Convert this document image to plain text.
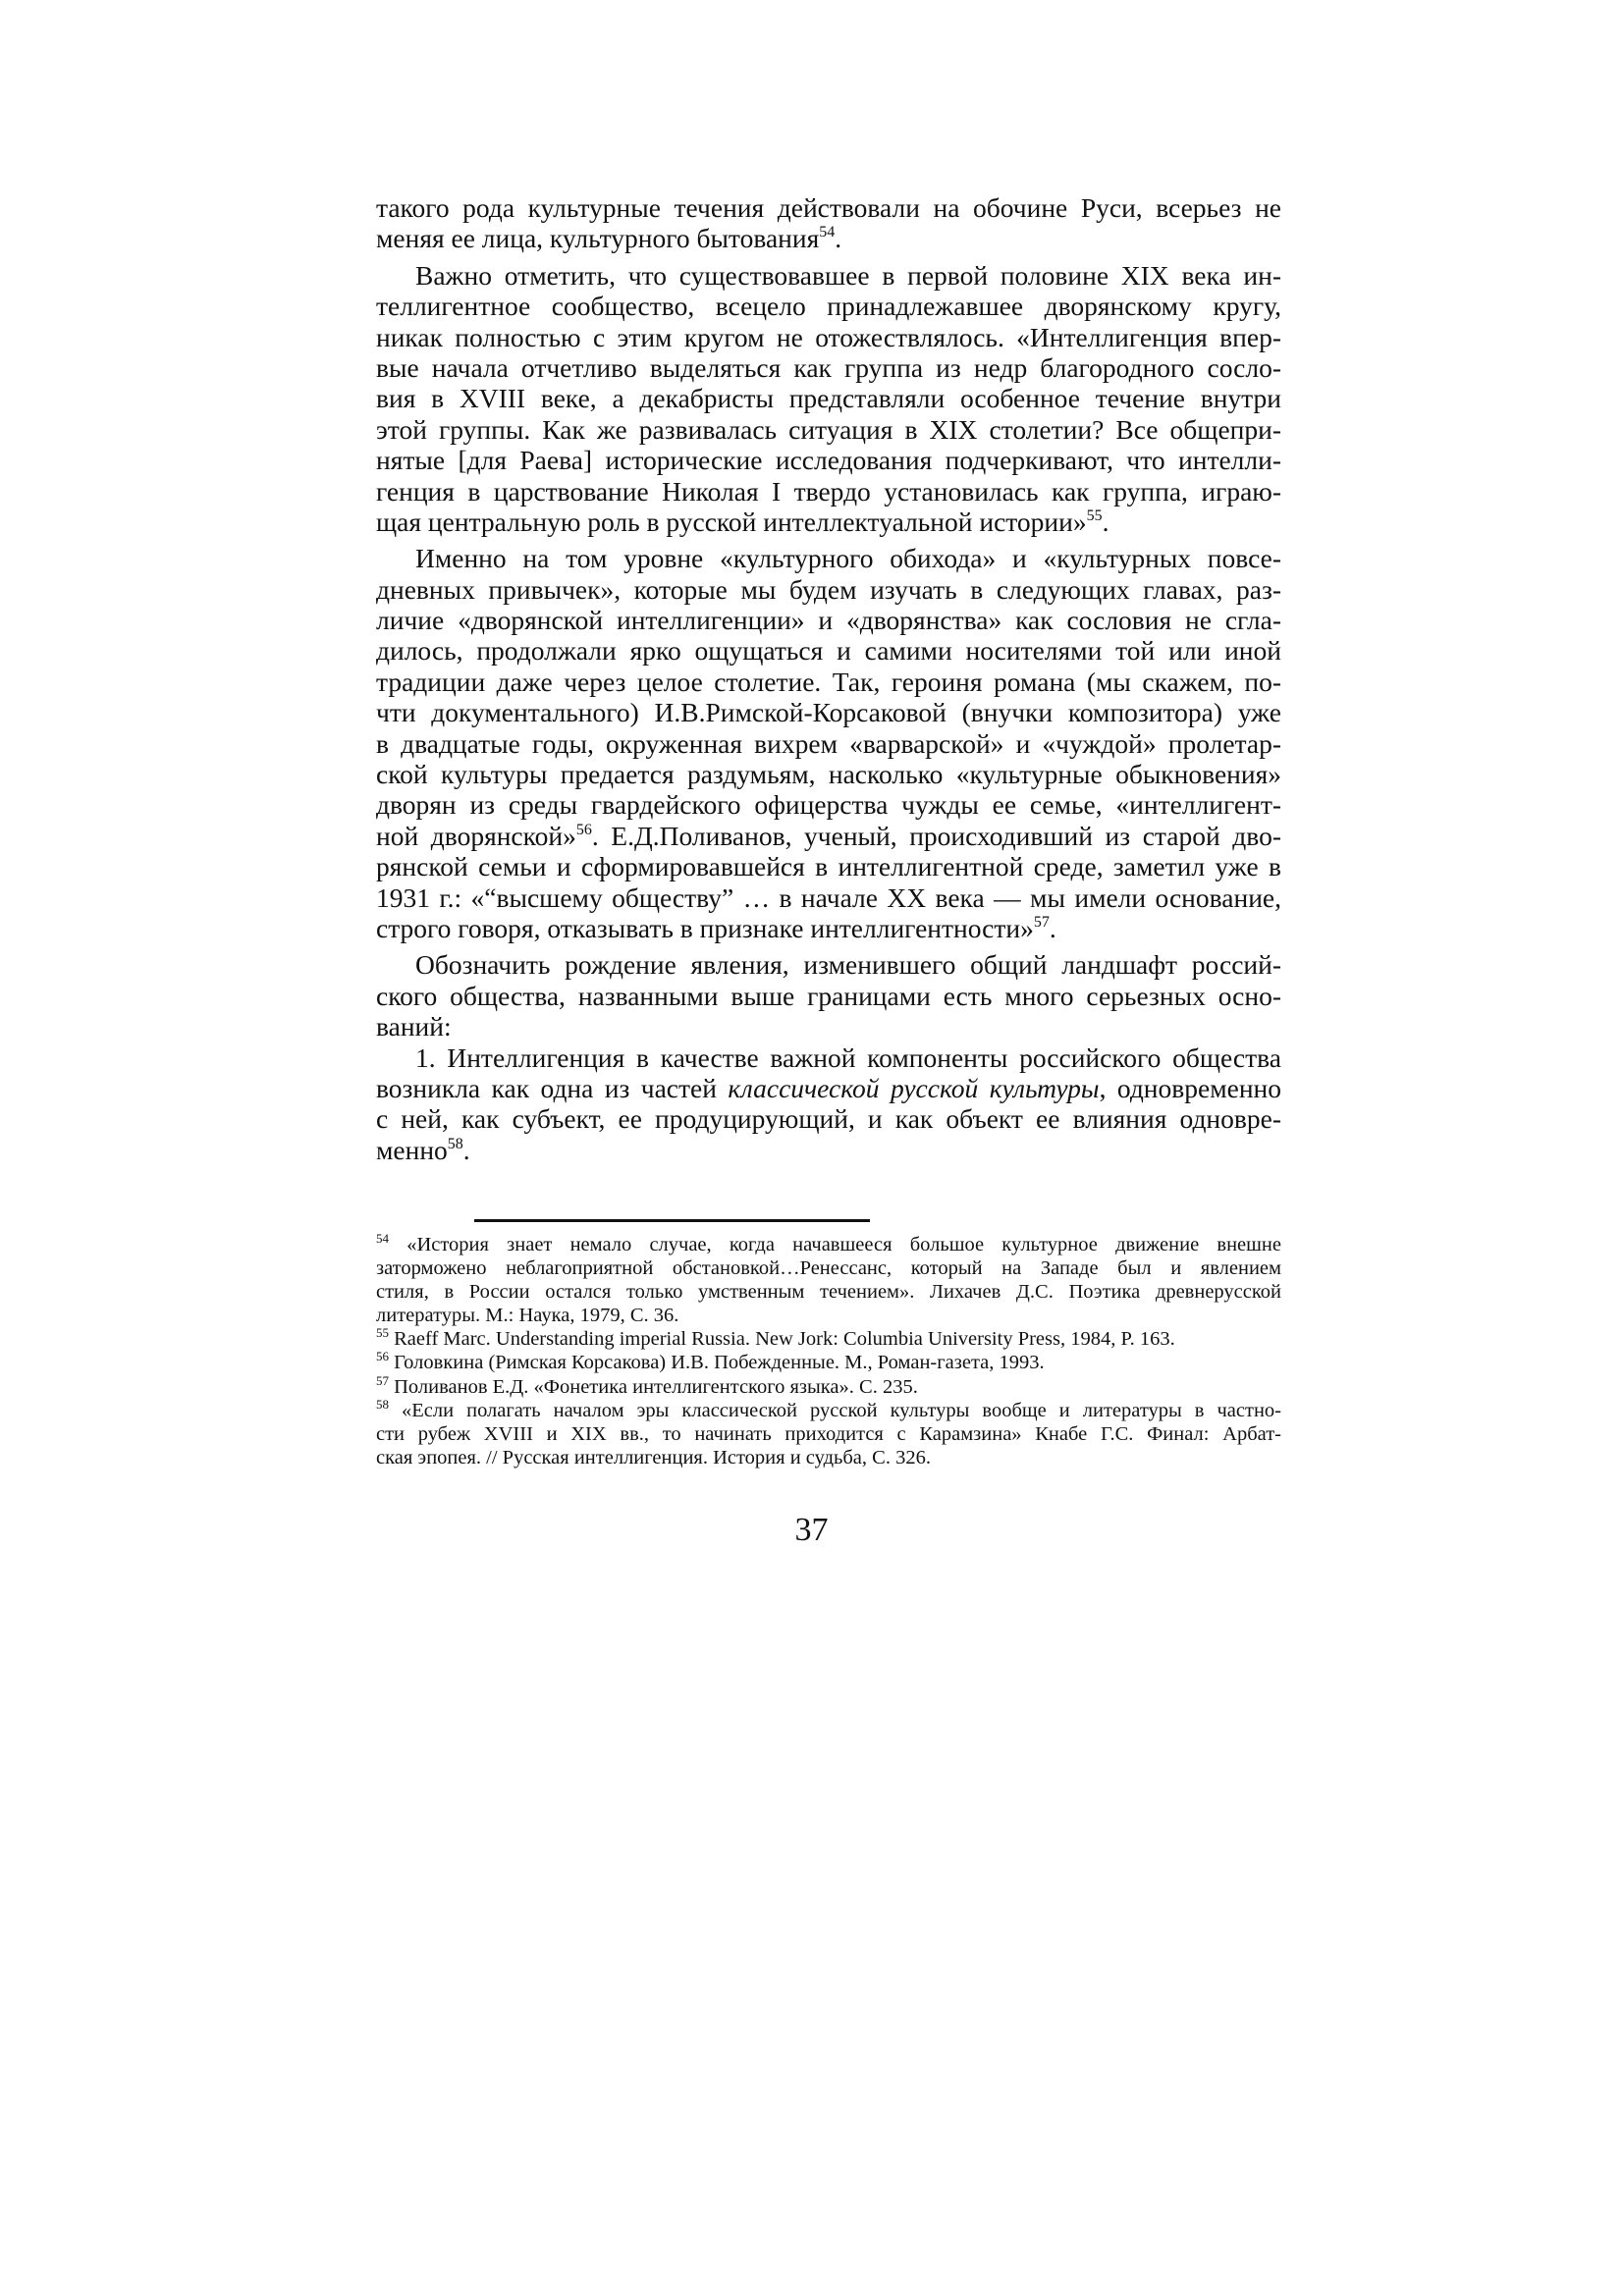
такого рода культурные течения действовали на обочине Руси, всерьез не
меняя ее лица, культурного бытования$^{54}$.
Важно отметить, что существовавшее в первой половине XIX века ин-
теллигентное сообщество, всецело принадлежавшее дворянскому кругу,
никак полностью с этим кругом не отожествлялось. «Интеллигенция впер-
вые начала отчетливо выделяться как группа из недр благородного сосло-
вия в XVIII веке, а декабристы представляли особенное течение внутри
этой группы. Как же развивалась ситуация в XIX столетии? Все общепри-
нятые [для Раева] исторические исследования подчеркивают, что интелли-
генция в царствование Николая I твердо установилась как группа, играю-
щая центральную роль в русской интеллектуальной истории»$^{55}$.
Именно на том уровне «культурного обихода» и «культурных повсе-
дневных привычек», которые мы будем изучать в следующих главах, раз-
личие «дворянской интеллигенции» и «дворянства» как сословия не сгла-
дилось, продолжали ярко ощущаться и самими носителями той или иной
традиции даже через целое столетие. Так, героиня романа (мы скажем, по-
чти документального) И.В.Римской-Корсаковой (внучки композитора) уже
в двадцатые годы, окруженная вихрем «варварской» и «чуждой» пролетар-
ской культуры предается раздумьям, насколько «культурные обыкновения»
дворян из среды гвардейского офицерства чужды ее семье, «интеллигент-
ной дворянской»$^{56}$. Е.Д.Поливанов, ученый, происходивший из старой дво-
рянской семьи и сформировавшейся в интеллигентной среде, заметил уже в
1931 г.: «“высшему обществу” … в начале XX века — мы имели основание,
строго говоря, отказывать в признаке интеллигентности»$^{57}$.
Обозначить рождение явления, изменившего общий ландшафт россий-
ского общества, названными выше границами есть много серьезных осно-
ваний:
1. Интеллигенция в качестве важной компоненты российского общества
возникла как одна из частей классической русской культуры, одновременно
с ней, как субъект, ее продуцирующий, и как объект ее влияния одновре-
менно$^{58}$.
$^{54}$ «История знает немало случае, когда начавшееся большое культурное движение внешне
заторможено неблагоприятной обстановкой…Ренессанс, который на Западе был и явлением
стиля, в России остался только умственным течением». Лихачев Д.С. Поэтика древнерусской
литературы. М.: Наука, 1979, С. 36.
$^{55}$ Raeff Marc. Understanding imperial Russia. New Jork: Columbia University Press, 1984, P. 163.
$^{56}$ Головкина (Римская Корсакова) И.В. Побежденные. М., Роман-газета, 1993.
$^{57}$ Поливанов Е.Д. «Фонетика интеллигентского языка». С. 235.
$^{58}$ «Если полагать началом эры классической русской культуры вообще и литературы в частно-
сти рубеж XVIII и XIX вв., то начинать приходится с Карамзина» Кнабе Г.С. Финал: Арбат-
ская эпопея. // Русская интеллигенция. История и судьба, С. 326.
37
